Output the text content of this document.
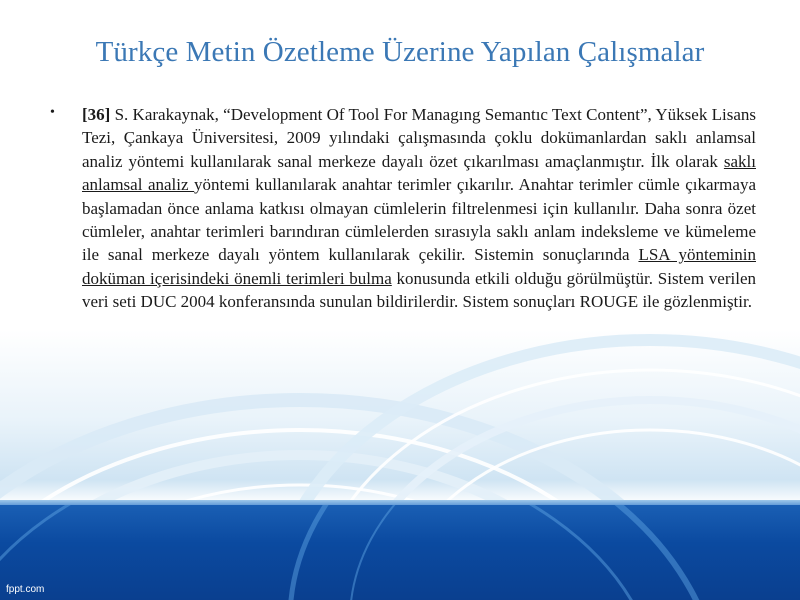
Türkçe Metin Özetleme Üzerine Yapılan Çalışmalar
•	[36] S. Karakaynak, “Development Of Tool For Managıng Semantıc Text Content”, Yüksek Lisans Tezi, Çankaya Üniversitesi, 2009 yılındaki çalışmasında çoklu dokümanlardan saklı anlamsal analiz yöntemi kullanılarak sanal merkeze dayalı özet çıkarılması amaçlanmıştır. İlk olarak saklı anlamsal analiz yöntemi kullanılarak anahtar terimler çıkarılır. Anahtar terimler cümle çıkarmaya başlamadan önce anlama katkısı olmayan cümlelerin filtrelenmesi için kullanılır. Daha sonra özet cümleler, anahtar terimleri barındıran cümlelerden sırasıyla saklı anlam indeksleme ve kümeleme ile sanal merkeze dayalı yöntem kullanılarak çekilir. Sistemin sonuçlarında LSA yönteminin doküman içerisindeki önemli terimleri bulma konusunda etkili olduğu görülmüştür. Sistem verilen veri seti DUC 2004 konferansında sunulan bildirilerdir. Sistem sonuçları ROUGE ile gözlenmiştir.

fppt.com
